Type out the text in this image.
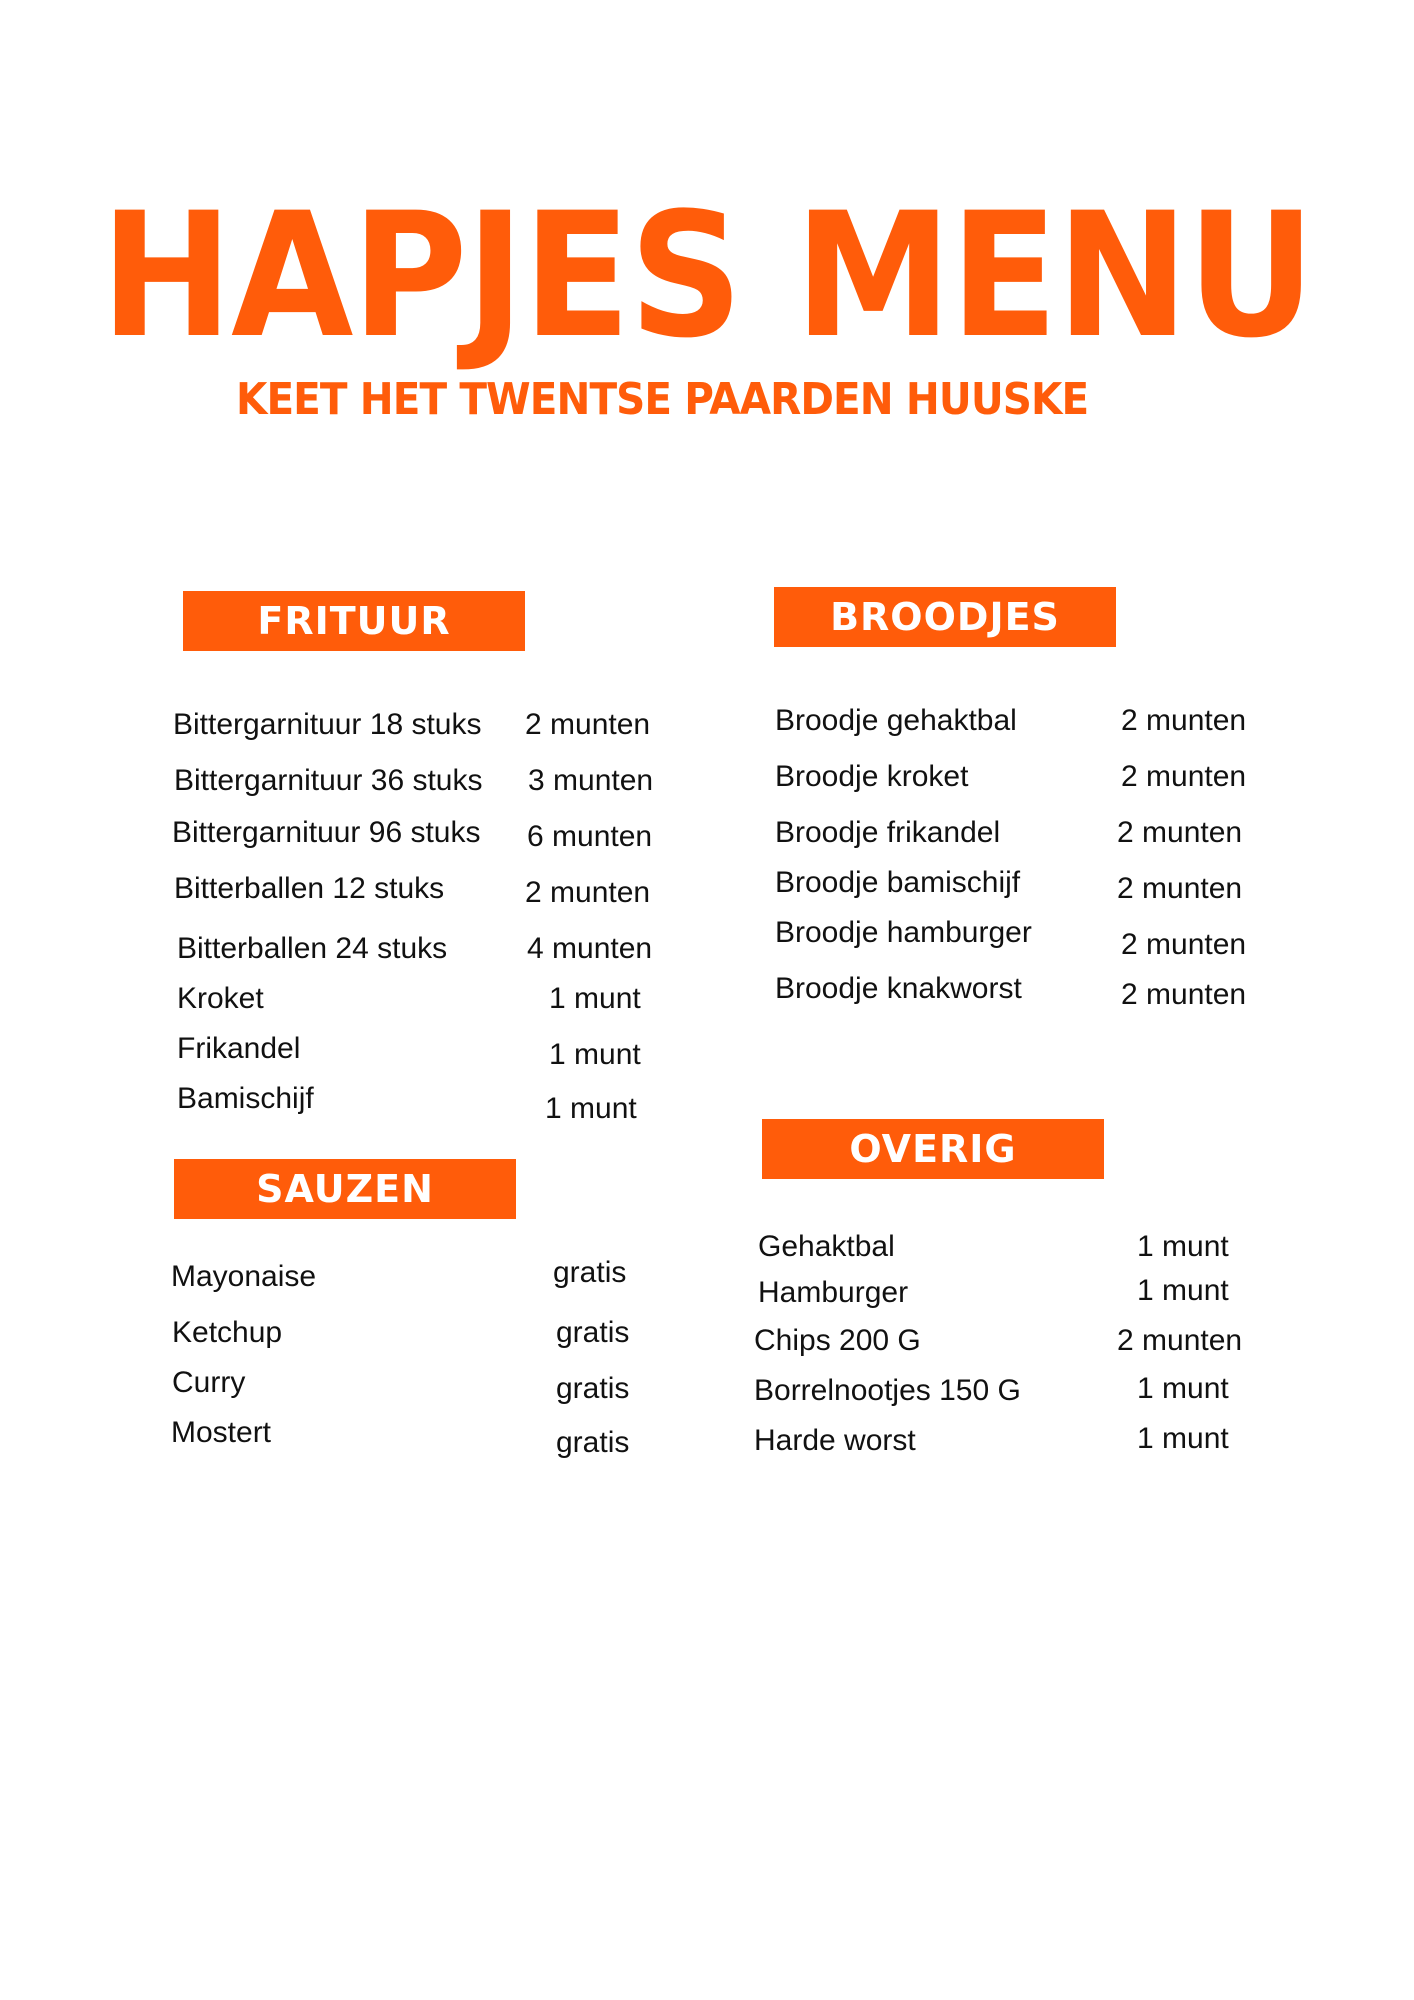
HAPJES MENU
KEET HET TWENTSE PAARDEN HUUSKE
FRITUUR
Bittergarnituur 18 stuks 2 munten
Bittergarnituur 36 stuks 3 munten
Bittergarnituur 96 stuks 6 munten
Bitterballen 12 stuks	2 munten
Bitterballen 24 stuks	4 munten
Kroket	1 munt
Frikandel	1 munt
Bamischijf	1 munt
SAUZEN
Mayonaise	gratis
Ketchup	gratis
Curry	gratis
Mostert	gratis
BROODJES
Broodje gehaktbal	2 munten
Broodje kroket	2 munten
Broodje frikandel	2 munten
Broodje bamischijf	2 munten
Broodje hamburger	2 munten
Broodje knakworst	2 munten
OVERIG
Gehaktbal	1 munt
Hamburger	1 munt
Chips 200 G	2 munten
Borrelnootjes 150 G	1 munt
Harde worst	1 munt
